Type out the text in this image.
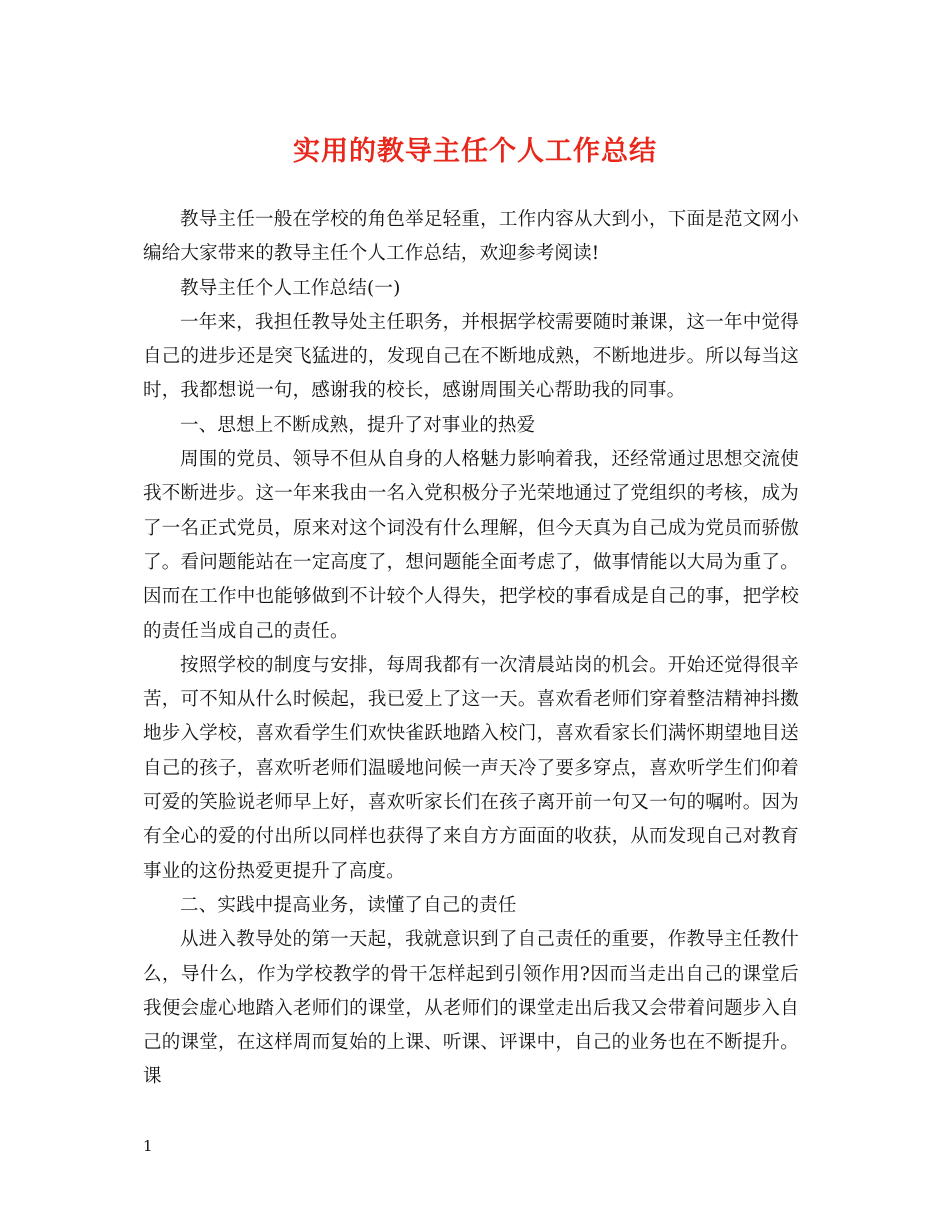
实用的教导主任个人工作总结

教导主任一般在学校的角色举足轻重，工作内容从大到小，下面是范文网小编给大家带来的教导主任个人工作总结，欢迎参考阅读!

教导主任个人工作总结(一)

一年来，我担任教导处主任职务，并根据学校需要随时兼课，这一年中觉得自己的进步还是突飞猛进的，发现自己在不断地成熟，不断地进步。所以每当这时，我都想说一句，感谢我的校长，感谢周围关心帮助我的同事。

一、思想上不断成熟，提升了对事业的热爱

周围的党员、领导不但从自身的人格魅力影响着我，还经常通过思想交流使我不断进步。这一年来我由一名入党积极分子光荣地通过了党组织的考核，成为了一名正式党员，原来对这个词没有什么理解，但今天真为自己成为党员而骄傲了。看问题能站在一定高度了，想问题能全面考虑了，做事情能以大局为重了。因而在工作中也能够做到不计较个人得失，把学校的事看成是自己的事，把学校的责任当成自己的责任。

按照学校的制度与安排，每周我都有一次清晨站岗的机会。开始还觉得很辛苦，可不知从什么时候起，我已爱上了这一天。喜欢看老师们穿着整洁精神抖擞地步入学校，喜欢看学生们欢快雀跃地踏入校门，喜欢看家长们满怀期望地目送自己的孩子，喜欢听老师们温暖地问候一声天冷了要多穿点，喜欢听学生们仰着可爱的笑脸说老师早上好，喜欢听家长们在孩子离开前一句又一句的嘱咐。因为有全心的爱的付出所以同样也获得了来自方方面面的收获，从而发现自己对教育事业的这份热爱更提升了高度。

二、实践中提高业务，读懂了自己的责任

从进入教导处的第一天起，我就意识到了自己责任的重要，作教导主任教什么，导什么，作为学校教学的骨干怎样起到引领作用?因而当走出自己的课堂后我便会虚心地踏入老师们的课堂，从老师们的课堂走出后我又会带着问题步入自己的课堂，在这样周而复始的上课、听课、评课中，自己的业务也在不断提升。课

1
